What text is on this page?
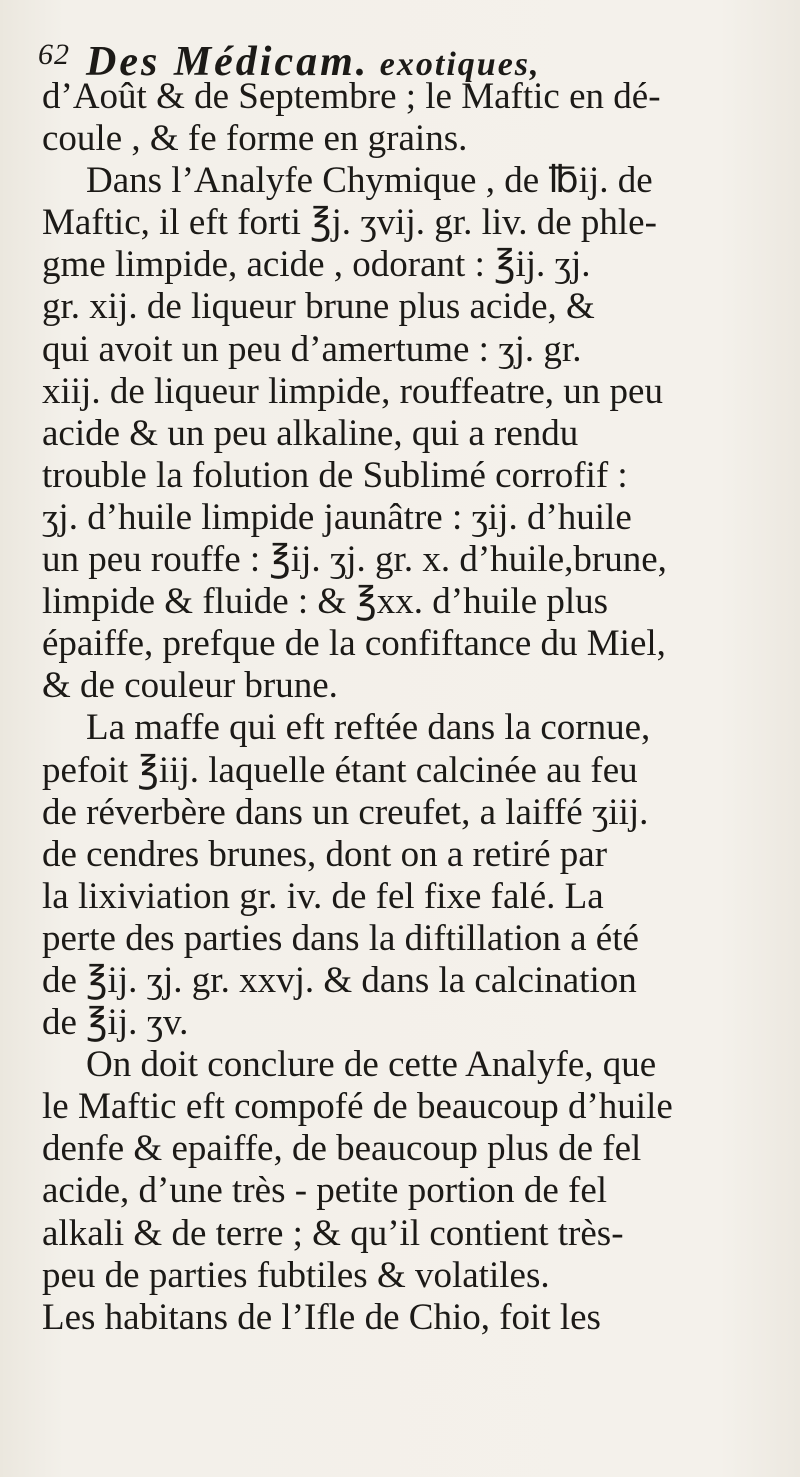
62 Des Médicam. exotiques,
d’Août & de Septembre ; le Maftic en dé-
coule , & fe forme en grains.
Dans l’Analyfe Chymique , de ℔ij. de
Maftic, il eft forti ℥j. ʒvij. gr. liv. de phle-
gme limpide, acide , odorant : ℥ij. ʒj.
gr. xij. de liqueur brune plus acide, &
qui avoit un peu d’amertume : ʒj. gr.
xiij. de liqueur limpide, rouffeatre, un peu
acide & un peu alkaline, qui a rendu
trouble la folution de Sublimé corrofif :
ʒj. d’huile limpide jaunâtre : ʒij. d’huile
un peu rouffe : ℥ij. ʒj. gr. x. d’huile,brune,
limpide & fluide : & ℥xx. d’huile plus
épaiffe, prefque de la confiftance du Miel,
& de couleur brune.
La maffe qui eft reftée dans la cornue,
pefoit ℥iij. laquelle étant calcinée au feu
de réverbère dans un creufet, a laiffé ʒiij.
de cendres brunes, dont on a retiré par
la lixiviation gr. iv. de fel fixe falé. La
perte des parties dans la diftillation a été
de ℥ij. ʒj. gr. xxvj. & dans la calcination
de ℥ij. ʒv.
On doit conclure de cette Analyfe, que
le Maftic eft compofé de beaucoup d’huile
denfe & epaiffe, de beaucoup plus de fel
acide, d’une très - petite portion de fel
alkali & de terre ; & qu’il contient très-
peu de parties fubtiles & volatiles.
Les habitans de l’Ifle de Chio, foit les
